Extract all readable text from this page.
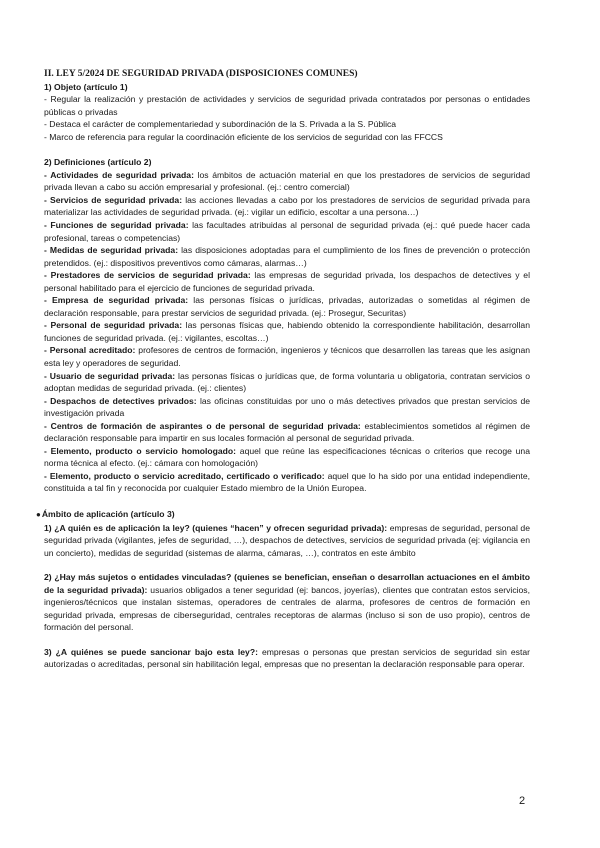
II. LEY 5/2024 DE SEGURIDAD PRIVADA (DISPOSICIONES COMUNES)
1) Objeto (artículo 1)

- Regular la realización y prestación de actividades y servicios de seguridad privada contratados por personas o entidades públicas o privadas

- Destaca el carácter de complementariedad y subordinación de la S. Privada a la S. Pública

- Marco de referencia para regular la coordinación eficiente de los servicios de seguridad con las FFCCS

2) Definiciones (artículo 2)

- Actividades de seguridad privada: los ámbitos de actuación material en que los prestadores de servicios de seguridad privada llevan a cabo su acción empresarial y profesional. (ej.: centro comercial)

- Servicios de seguridad privada: las acciones llevadas a cabo por los prestadores de servicios de seguridad privada para materializar las actividades de seguridad privada. (ej.: vigilar un edificio, escoltar a una persona…)

- Funciones de seguridad privada: las facultades atribuidas al personal de seguridad privada (ej.: qué puede hacer cada profesional, tareas o competencias)

- Medidas de seguridad privada: las disposiciones adoptadas para el cumplimiento de los fines de prevención o protección pretendidos. (ej.: dispositivos preventivos como cámaras, alarmas…)

- Prestadores de servicios de seguridad privada: las empresas de seguridad privada, los despachos de detectives y el personal habilitado para el ejercicio de funciones de seguridad privada.

- Empresa de seguridad privada: las personas físicas o jurídicas, privadas, autorizadas o sometidas al régimen de declaración responsable, para prestar servicios de seguridad privada. (ej.: Prosegur, Securitas)

- Personal de seguridad privada: las personas físicas que, habiendo obtenido la correspondiente habilitación, desarrollan funciones de seguridad privada. (ej.: vigilantes, escoltas…)

- Personal acreditado: profesores de centros de formación, ingenieros y técnicos que desarrollen las tareas que les asignan esta ley y operadores de seguridad.

- Usuario de seguridad privada: las personas físicas o jurídicas que, de forma voluntaria u obligatoria, contratan servicios o adoptan medidas de seguridad privada. (ej.: clientes)

- Despachos de detectives privados: las oficinas constituidas por uno o más detectives privados que prestan servicios de investigación privada

- Centros de formación de aspirantes o de personal de seguridad privada: establecimientos sometidos al régimen de declaración responsable para impartir en sus locales formación al personal de seguridad privada.

- Elemento, producto o servicio homologado: aquel que reúne las especificaciones técnicas o criterios que recoge una norma técnica al efecto. (ej.: cámara con homologación)

- Elemento, producto o servicio acreditado, certificado o verificado: aquel que lo ha sido por una entidad independiente, constituida a tal fin y reconocida por cualquier Estado miembro de la Unión Europea.

●Ámbito de aplicación (artículo 3)

1) ¿A quién es de aplicación la ley? (quienes “hacen” y ofrecen seguridad privada): empresas de seguridad, personal de seguridad privada (vigilantes, jefes de seguridad, …), despachos de detectives, servicios de seguridad privada (ej: vigilancia en un concierto), medidas de seguridad (sistemas de alarma, cámaras, …), contratos en este ámbito

2) ¿Hay más sujetos o entidades vinculadas? (quienes se benefician, enseñan o desarrollan actuaciones en el ámbito de la seguridad privada): usuarios obligados a tener seguridad (ej: bancos, joyerías), clientes que contratan estos servicios, ingenieros/técnicos que instalan sistemas, operadores de centrales de alarma, profesores de centros de formación en seguridad privada, empresas de ciberseguridad, centrales receptoras de alarmas (incluso si son de uso propio), centros de formación del personal.

3) ¿A quiénes se puede sancionar bajo esta ley?: empresas o personas que prestan servicios de seguridad sin estar autorizadas o acreditadas, personal sin habilitación legal, empresas que no presentan la declaración responsable para operar.

2
